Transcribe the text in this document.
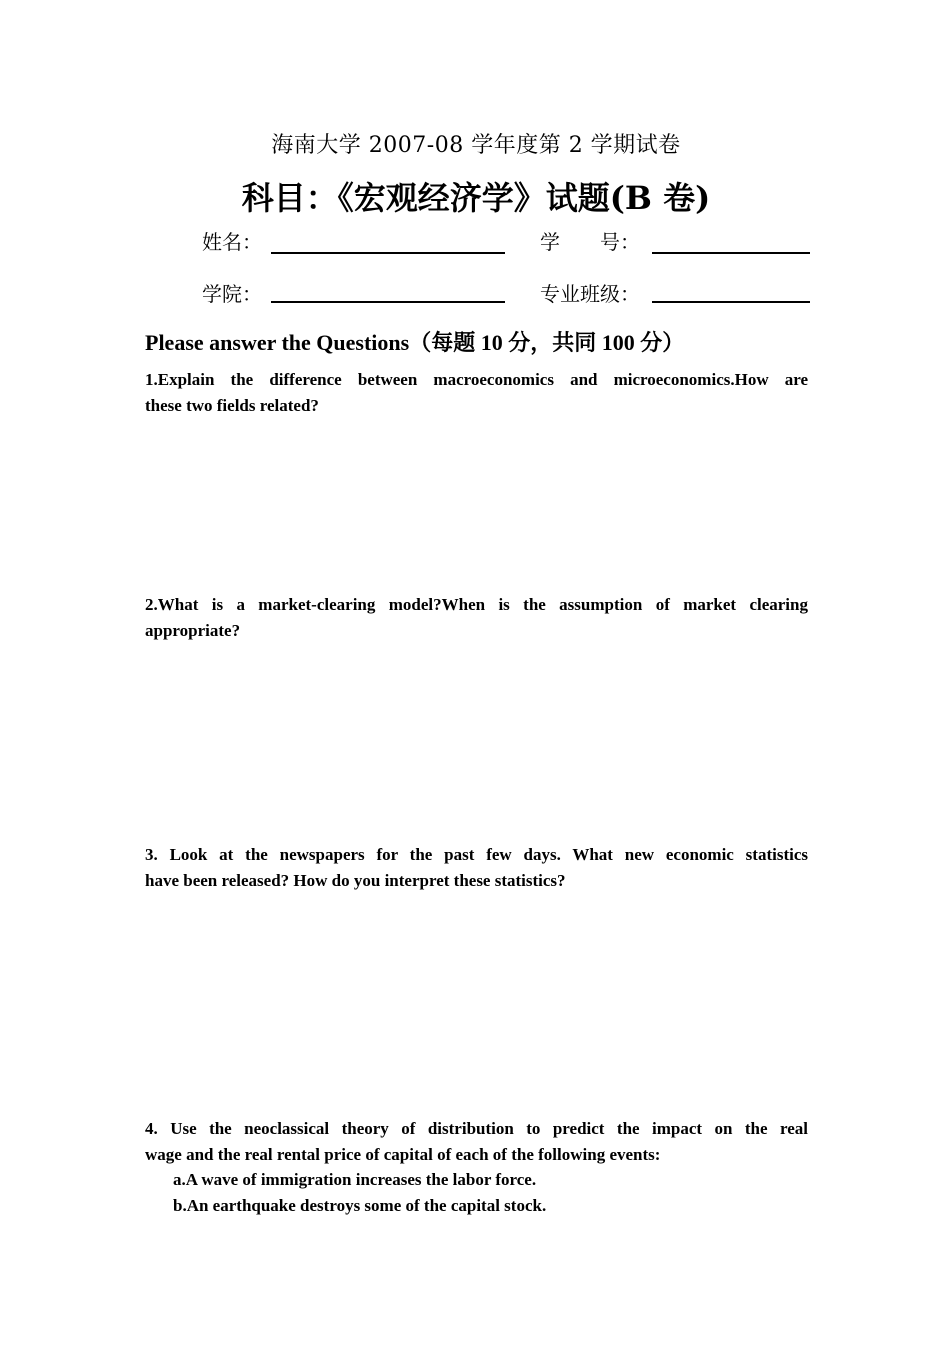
海南大学 2007-08 学年度第 2 学期试卷
科目：《宏观经济学》试题(B 卷)
姓名：	学　　号：
学院：	专业班级：
Please answer the Questions（每题 10 分，共同 100 分）
1.Explain the difference between macroeconomics and microeconomics.How are
these two fields related?
2.What is a market-clearing model?When is the assumption of market clearing
appropriate?
3. Look at the newspapers for the past few days. What new economic statistics
have been released? How do you interpret these statistics?
4. Use the neoclassical theory of distribution to predict the impact on the real
wage and the real rental price of capital of each of the following events:
a.A wave of immigration increases the labor force.
b.An earthquake destroys some of the capital stock.
